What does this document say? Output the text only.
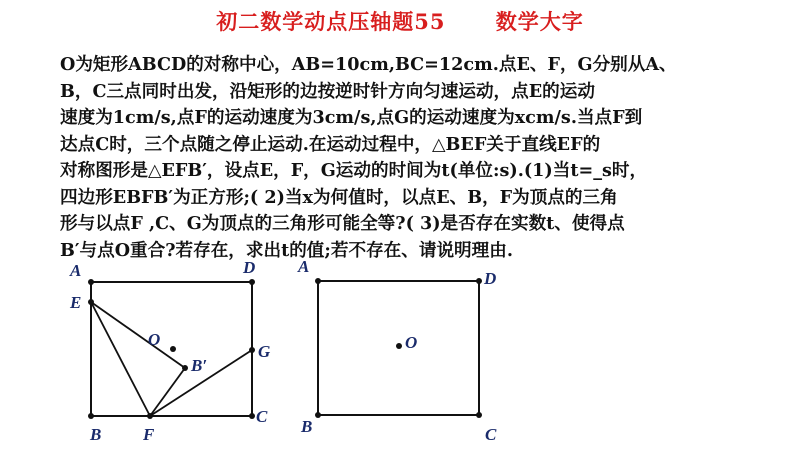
初二数学动点压轴题55 数学大字
O为矩形ABCD的对称中心，AB=10cm,BC=12cm.点E、F，G分别从A、
B，C三点同时出发，沿矩形的边按逆时针方向匀速运动，点E的运动
速度为1cm/s,点F的运动速度为3cm/s,点G的运动速度为xcm/s.当点F到
达点C时，三个点随之停止运动.在运动过程中，△BEF关于直线EF的
对称图形是△EFB′，设点E，F，G运动的时间为t(单位:s).(1)当t=_s时，
四边形EBFB′为正方形;( 2)当x为何值时，以点E、B，F为顶点的三角
形与以点F ,C、G为顶点的三角形可能全等?( 3)是否存在实数t、使得点
B′与点O重合?若存在，求出t的值;若不存在、请说明理由.
A	D
E
O
B′
G
B F
C
A
D
O
B	C
